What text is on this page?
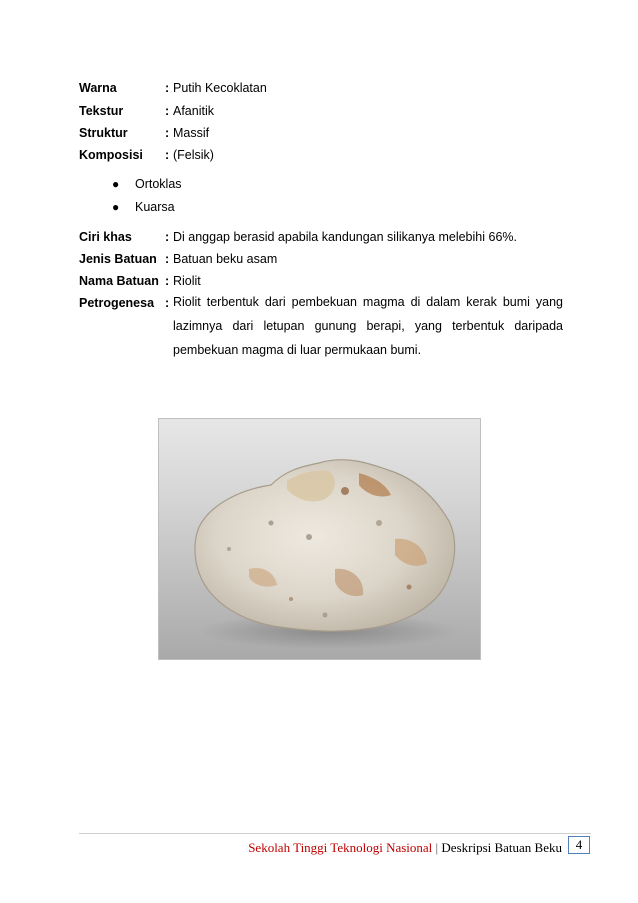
Warna	: Putih Kecoklatan
Tekstur	: Afanitik
Struktur	: Massif
Komposisi : (Felsik)
● Ortoklas
● Kuarsa
Ciri khas	: Di anggap berasid apabila kandungan silikanya melebihi 66%.
Jenis Batuan : Batuan beku asam
Nama Batuan : Riolit
Petrogenesa : Riolit terbentuk dari pembekuan magma di dalam kerak bumi yang
lazimnya dari letupan gunung berapi, yang terbentuk daripada
pembekuan magma di luar permukaan bumi.
Sekolah Tinggi Teknologi Nasional | Deskripsi Batuan Beku	4
